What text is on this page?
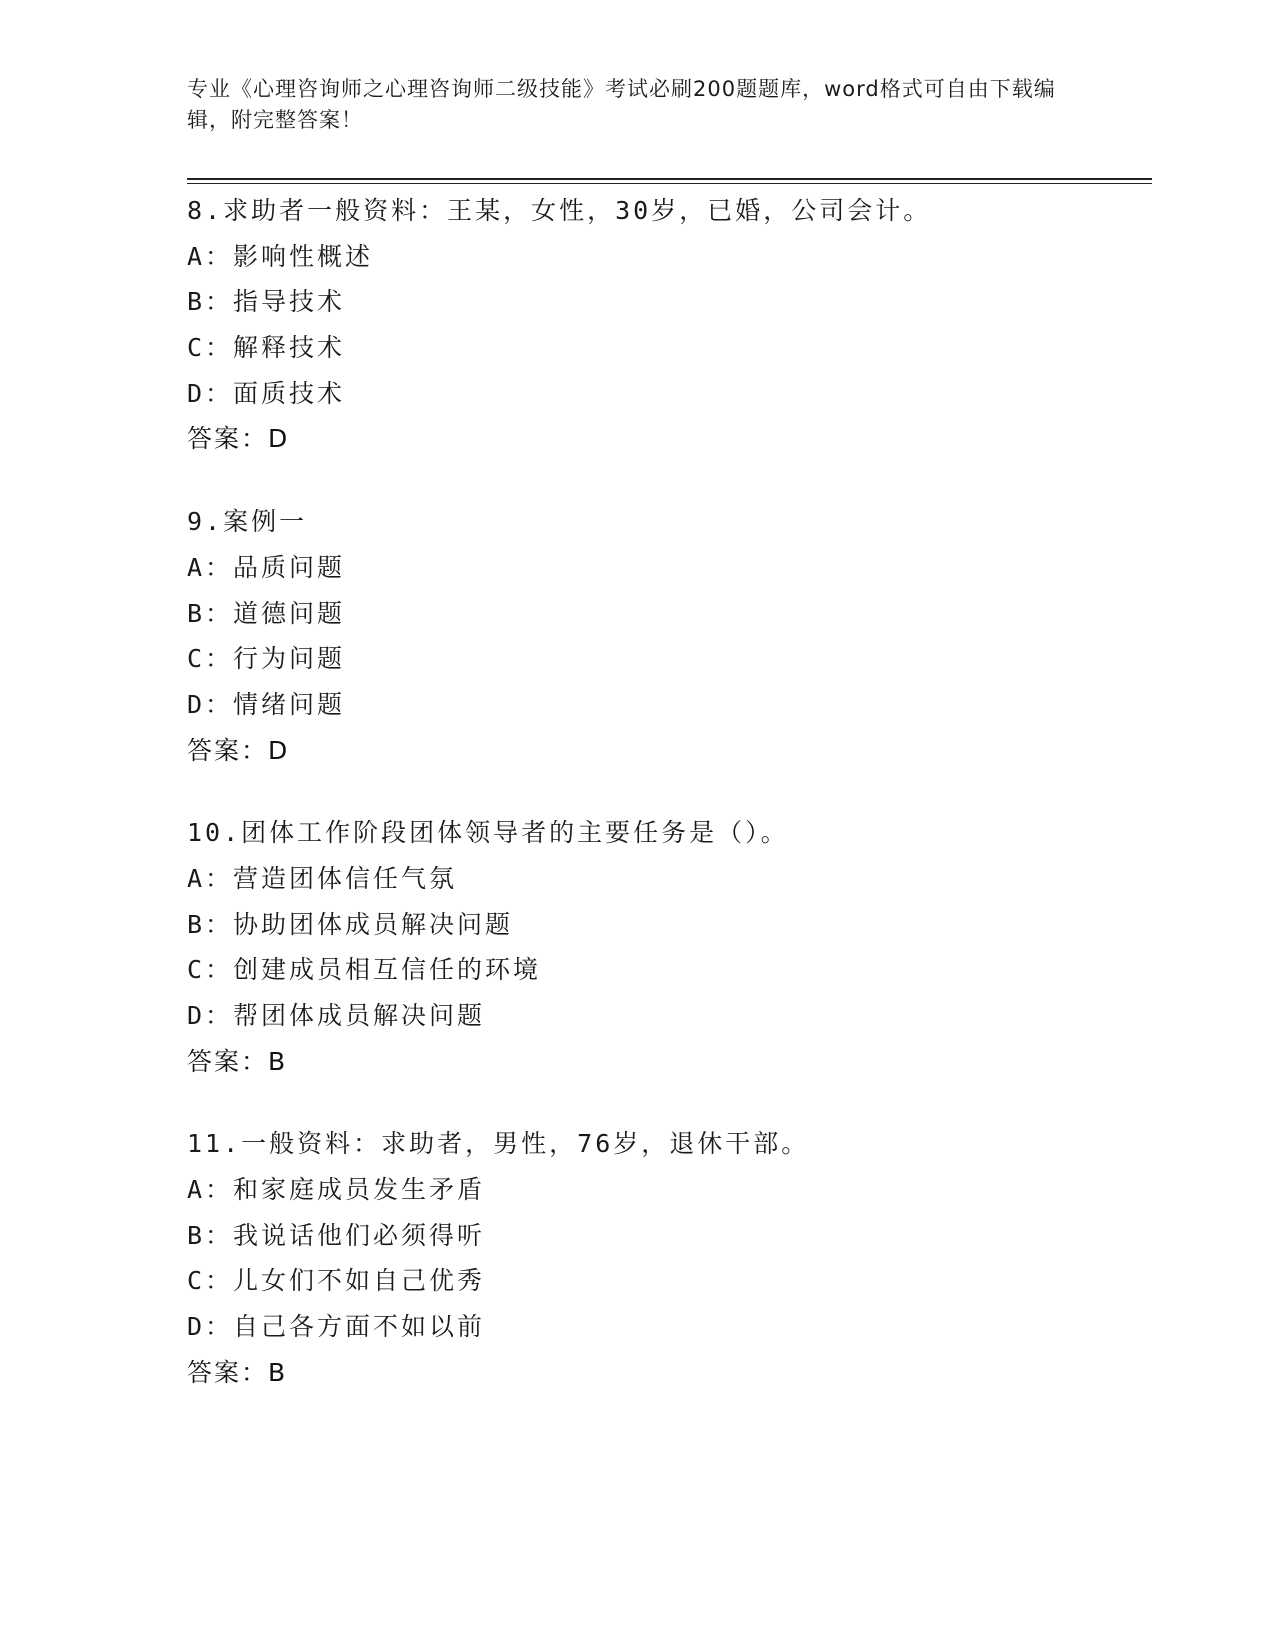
专业《心理咨询师之心理咨询师二级技能》考试必刷200题题库，word格式可自由下载编辑，附完整答案！
8.求助者一般资料：王某，女性，30岁，已婚，公司会计。
A：影响性概述
B：指导技术
C：解释技术
D：面质技术
答案：D
9.案例一
A：品质问题
B：道德问题
C：行为问题
D：情绪问题
答案：D
10.团体工作阶段团体领导者的主要任务是（）。
A：营造团体信任气氛
B：协助团体成员解决问题
C：创建成员相互信任的环境
D：帮团体成员解决问题
答案：B
11.一般资料：求助者，男性，76岁，退休干部。
A：和家庭成员发生矛盾
B：我说话他们必须得听
C：儿女们不如自己优秀
D：自己各方面不如以前
答案：B
